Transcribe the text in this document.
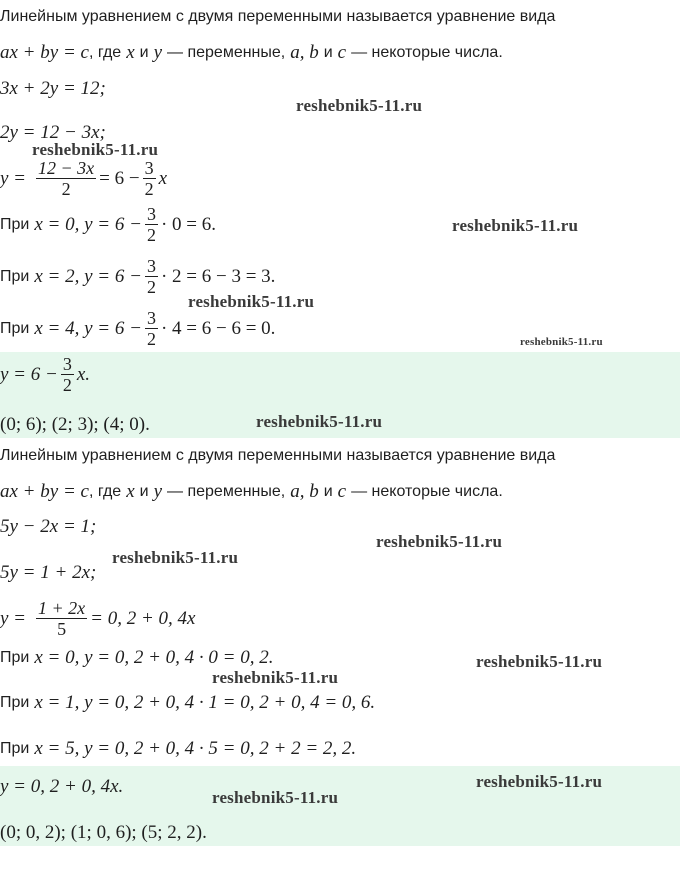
Линейным уравнением с двумя переменными называется уравнение вида
ax + by = c , где x и y — переменные, a, b и c — некоторые числа.
3x + 2y = 12;
2y = 12 − 3x;
$y = \frac{12 - 3x}{2} = 6 - \frac{3}{2}$ x
При x = 0, $y = 6 - \frac{3}{2} \cdot 0 = 6$.
При x = 2, $y = 6 - \frac{3}{2} \cdot 2 = 6 - 3 = 3$.
При x = 4, $y = 6 - \frac{3}{2} \cdot 4 = 6 - 6 = 0$.
$y = 6 - \frac{3}{2} x$.
(0; 6); (2; 3); (4; 0).
Линейным уравнением с двумя переменными называется уравнение вида
ax + by = c , где x и y — переменные, a, b и c — некоторые числа.
5y − 2x = 1;
5y = 1 + 2x;
$y = \frac{1 + 2x}{5} = 0$, 2 + 0, 4x
При x = 0, y = 0, 2 + 0, 4 · 0 = 0, 2.
При x = 1, y = 0, 2 + 0, 4 · 1 = 0, 2 + 0, 4 = 0, 6.
При x = 5, y = 0, 2 + 0, 4 · 5 = 0, 2 + 2 = 2, 2.
y = 0, 2 + 0, 4x.
(0; 0, 2); (1; 0, 6); (5; 2, 2).
reshebnik5-11.ru
reshebnik5-11.ru
reshebnik5-11.ru
reshebnik5-11.ru
reshebnik5-11.ru
reshebnik5-11.ru
reshebnik5-11.ru
reshebnik5-11.ru
reshebnik5-11.ru
reshebnik5-11.ru
reshebnik5-11.ru
reshebnik5-11.ru
